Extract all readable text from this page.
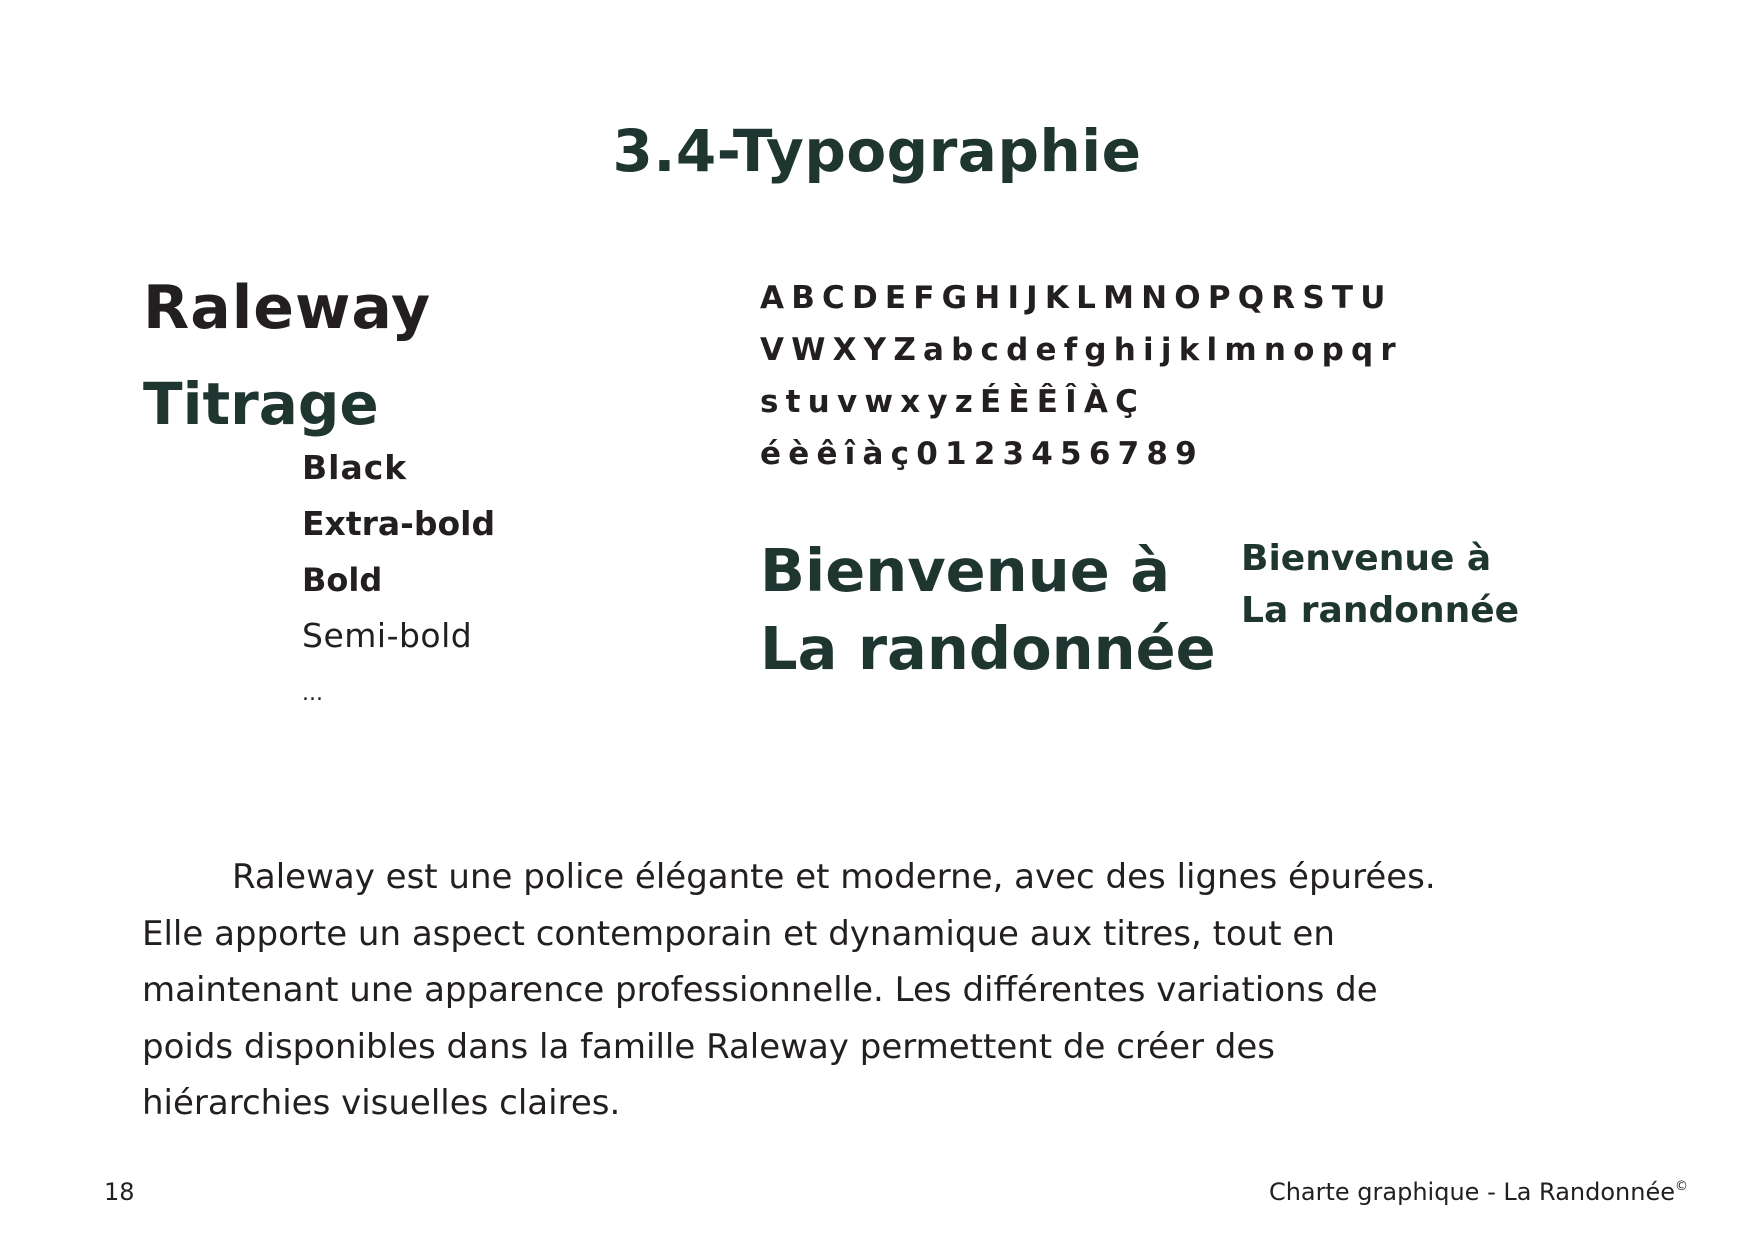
3.4-Typographie
Raleway
Titrage
Black
Extra-bold
Bold
Semi-bold
...
ABCDEFGHIJKLMNOPQRSTU
VWXYZabcdefghijklmnopqr
stuvwxyzÉÈÊÎÀÇ
éèêîàç0123456789
Bienvenue à
La randonnée
Bienvenue à
La randonnée

Raleway est une police élégante et moderne, avec des lignes épurées. Elle apporte un aspect contemporain et dynamique aux titres, tout en maintenant une apparence professionnelle. Les différentes variations de poids disponibles dans la famille Raleway permettent de créer des hiérarchies visuelles claires.

18	Charte graphique - La Randonnée©
